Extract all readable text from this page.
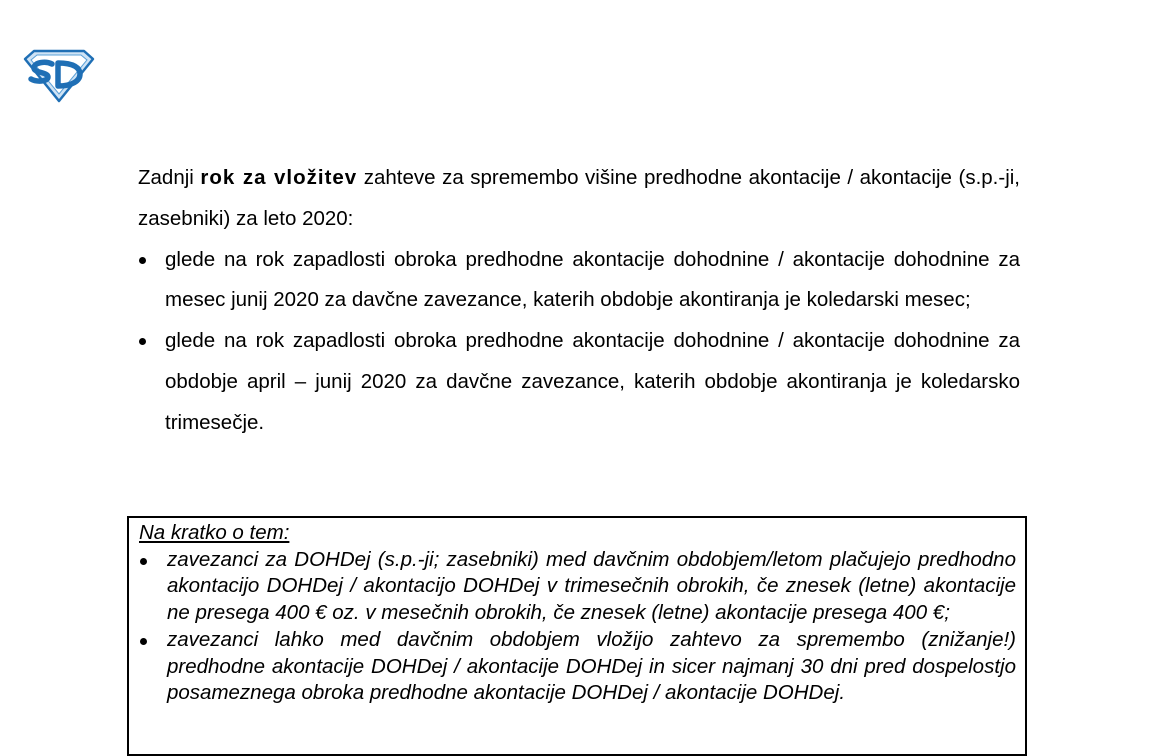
Zadnji rok za vložitev zahteve za spremembo višine predhodne akontacije / akontacije (s.p.-ji, zasebniki) za leto 2020:

glede na rok zapadlosti obroka predhodne akontacije dohodnine / akontacije dohodnine za mesec junij 2020 za davčne zavezance, katerih obdobje akontiranja je koledarski mesec;
glede na rok zapadlosti obroka predhodne akontacije dohodnine / akontacije dohodnine za obdobje april – junij 2020 za davčne zavezance, katerih obdobje akontiranja je koledarsko trimesečje.

Na kratko o tem:

zavezanci za DOHDej (s.p.-ji; zasebniki) med davčnim obdobjem/letom plačujejo predhodno akontacijo DOHDej / akontacijo DOHDej v trimesečnih obrokih, če znesek (letne) akontacije ne presega 400 € oz. v mesečnih obrokih, če znesek (letne) akontacije presega 400 €;
zavezanci lahko med davčnim obdobjem vložijo zahtevo za spremembo (znižanje!) predhodne akontacije DOHDej / akontacije DOHDej in sicer najmanj 30 dni pred dospelostjo posameznega obroka predhodne akontacije DOHDej / akontacije DOHDej.
